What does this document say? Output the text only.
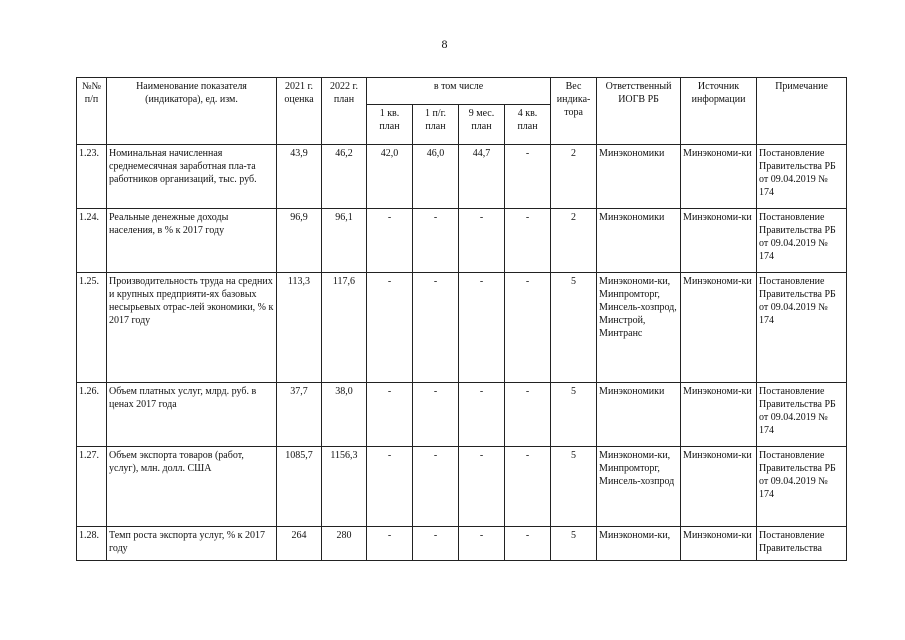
8
№№ п/п	Наименование показателя (индикатора), ед. изм.	2021 г. оценка	2022 г. план	в том числе				Вес индика-тора	Ответственный ИОГВ РБ	Источник информации	Примечание
				1 кв. план	1 п/г. план	9 мес. план	4 кв. план				
1.23.	Номинальная начисленная среднемесячная заработная пла-та работников организаций, тыс. руб.	43,9	46,2	42,0	46,0	44,7	-	2	Минэкономики	Минэкономи-ки	Постановление Правительства РБ от 09.04.2019 № 174
1.24.	Реальные денежные доходы населения, в % к 2017 году	96,9	96,1	-	-	-	-	2	Минэкономики	Минэкономи-ки	Постановление Правительства РБ от 09.04.2019 № 174
1.25.	Производительность труда на средних и крупных предприяти-ях базовых несырьевых отрас-лей экономики, % к 2017 году	113,3	117,6	-	-	-	-	5	Минэкономи-ки, Минпромторг, Минсель-хозпрод, Минстрой, Минтранс	Минэкономи-ки	Постановление Правительства РБ от 09.04.2019 № 174
1.26.	Объем платных услуг, млрд. руб. в ценах 2017 года	37,7	38,0	-	-	-	-	5	Минэкономики	Минэкономи-ки	Постановление Правительства РБ от 09.04.2019 № 174
1.27.	Объем экспорта товаров (работ, услуг), млн. долл. США	1085,7	1156,3	-	-	-	-	5	Минэкономи-ки, Минпромторг, Минсель-хозпрод	Минэкономи-ки	Постановление Правительства РБ от 09.04.2019 № 174
1.28.	Темп роста экспорта услуг, % к 2017 году	264	280	-	-	-	-	5	Минэкономи-ки,	Минэкономи-ки	Постановление Правительства
